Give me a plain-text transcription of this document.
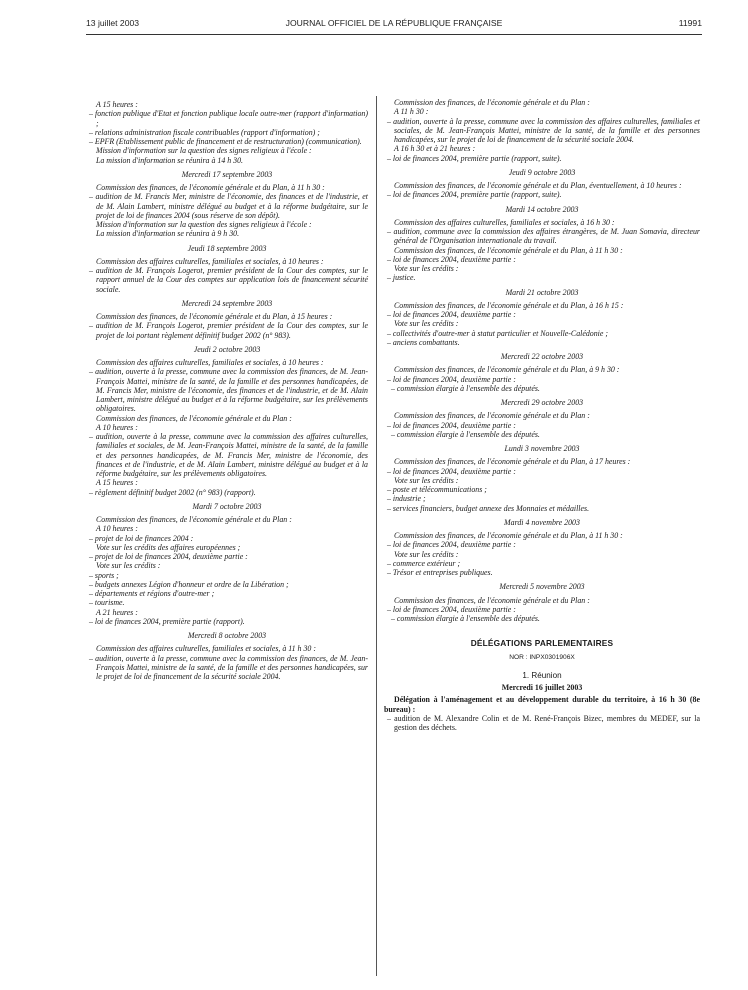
13 juillet 2003	JOURNAL OFFICIEL DE LA RÉPUBLIQUE FRANÇAISE	11991

A 15 heures :

– fonction publique d'Etat et fonction publique locale outre-mer (rapport d'information) ;

– relations administration fiscale contribuables (rapport d'information) ;

– EPFR (Etablissement public de financement et de restructuration) (communication).

Mission d'information sur la question des signes religieux à l'école :

La mission d'information se réunira à 14 h 30.

Mercredi 17 septembre 2003

Commission des finances, de l'économie générale et du Plan, à 11 h 30 :

– audition de M. Francis Mer, ministre de l'économie, des finances et de l'industrie, et de M. Alain Lambert, ministre délégué au budget et à la réforme budgétaire, sur le projet de loi de finances 2004 (sous réserve de son dépôt).

Mission d'information sur la question des signes religieux à l'école :

La mission d'information se réunira à 9 h 30.

Jeudi 18 septembre 2003

Commission des affaires culturelles, familiales et sociales, à 10 heures :

– audition de M. François Logerot, premier président de la Cour des comptes, sur le rapport annuel de la Cour des comptes sur application lois de financement sécurité sociale.

Mercredi 24 septembre 2003

Commission des finances, de l'économie générale et du Plan, à 15 heures :

– audition de M. François Logerot, premier président de la Cour des comptes, sur le projet de loi portant règlement définitif budget 2002 (n° 983).

Jeudi 2 octobre 2003

Commission des affaires culturelles, familiales et sociales, à 10 heures :

– audition, ouverte à la presse, commune avec la commission des finances, de M. Jean-François Mattei, ministre de la santé, de la famille et des personnes handicapées, de M. Francis Mer, ministre de l'économie, des finances et de l'industrie, et de M. Alain Lambert, ministre délégué au budget et à la réforme budgétaire, sur les prélèvements obligatoires.

Commission des finances, de l'économie générale et du Plan :

A 10 heures :

– audition, ouverte à la presse, commune avec la commission des affaires culturelles, familiales et sociales, de M. Jean-François Mattei, ministre de la santé, de la famille et des personnes handicapées, de M. Francis Mer, ministre de l'économie, des finances et de l'industrie, et de M. Alain Lambert, ministre délégué au budget et à la réforme budgétaire, sur les prélèvements obligatoires.

A 15 heures :

– règlement définitif budget 2002 (n° 983) (rapport).

Mardi 7 octobre 2003

Commission des finances, de l'économie générale et du Plan :

A 10 heures :

– projet de loi de finances 2004 :

Vote sur les crédits des affaires européennes ;

– projet de loi de finances 2004, deuxième partie :

Vote sur les crédits :

– sports ;

– budgets annexes Légion d'honneur et ordre de la Libération ;

– départements et régions d'outre-mer ;

– tourisme.

A 21 heures :

– loi de finances 2004, première partie (rapport).

Mercredi 8 octobre 2003

Commission des affaires culturelles, familiales et sociales, à 11 h 30 :

– audition, ouverte à la presse, commune avec la commission des finances, de M. Jean-François Mattei, ministre de la santé, de la famille et des personnes handicapées, sur le projet de loi de financement de la sécurité sociale 2004.

Commission des finances, de l'économie générale et du Plan :

A 11 h 30 :

– audition, ouverte à la presse, commune avec la commission des affaires culturelles, familiales et sociales, de M. Jean-François Mattei, ministre de la santé, de la famille et des personnes handicapées, sur le projet de loi de financement de la sécurité sociale 2004.

A 16 h 30 et à 21 heures :

– loi de finances 2004, première partie (rapport, suite).

Jeudi 9 octobre 2003

Commission des finances, de l'économie générale et du Plan, éventuellement, à 10 heures :

– loi de finances 2004, première partie (rapport, suite).

Mardi 14 octobre 2003

Commission des affaires culturelles, familiales et sociales, à 16 h 30 :

– audition, commune avec la commission des affaires étrangères, de M. Juan Somavia, directeur général de l'Organisation internationale du travail.

Commission des finances, de l'économie générale et du Plan, à 11 h 30 :

– loi de finances 2004, deuxième partie :

Vote sur les crédits :

– justice.

Mardi 21 octobre 2003

Commission des finances, de l'économie générale et du Plan, à 16 h 15 :

– loi de finances 2004, deuxième partie :

Vote sur les crédits :

– collectivités d'outre-mer à statut particulier et Nouvelle-Calédonie ;

– anciens combattants.

Mercredi 22 octobre 2003

Commission des finances, de l'économie générale et du Plan, à 9 h 30 :

– loi de finances 2004, deuxième partie :

– commission élargie à l'ensemble des députés.

Mercredi 29 octobre 2003

Commission des finances, de l'économie générale et du Plan :

– loi de finances 2004, deuxième partie :

– commission élargie à l'ensemble des députés.

Lundi 3 novembre 2003

Commission des finances, de l'économie générale et du Plan, à 17 heures :

– loi de finances 2004, deuxième partie :

Vote sur les crédits :

– poste et télécommunications ;

– industrie ;

– services financiers, budget annexe des Monnaies et médailles.

Mardi 4 novembre 2003

Commission des finances, de l'économie générale et du Plan, à 11 h 30 :

– loi de finances 2004, deuxième partie :

Vote sur les crédits :

– commerce extérieur ;

– Trésor et entreprises publiques.

Mercredi 5 novembre 2003

Commission des finances, de l'économie générale et du Plan :

– loi de finances 2004, deuxième partie :

– commission élargie à l'ensemble des députés.

DÉLÉGATIONS PARLEMENTAIRES

NOR : INPX0301906X

1. Réunion

Mercredi 16 juillet 2003

Délégation à l'aménagement et au développement durable du territoire, à 16 h 30 (8e bureau) :

– audition de M. Alexandre Colin et de M. René-François Bizec, membres du MEDEF, sur la gestion des déchets.
